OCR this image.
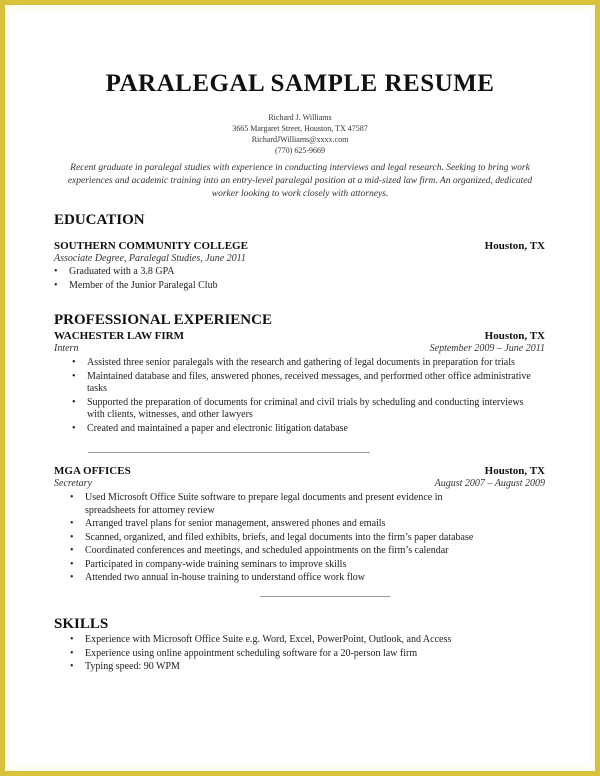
PARALEGAL SAMPLE RESUME
Richard J. Williams
3665 Margaret Street, Houston, TX 47587
RichardJWilliams@xxxx.com
(770) 625-9669
Recent graduate in paralegal studies with experience in conducting interviews and legal research. Seeking to bring work experiences and academic training into an entry-level paralegal position at a mid-sized law firm. An organized, dedicated worker looking to work closely with attorneys.
EDUCATION
SOUTHERN COMMUNITY COLLEGE	Houston, TX
Associate Degree, Paralegal Studies, June 2011
• Graduated with a 3.8 GPA
• Member of the Junior Paralegal Club
PROFESSIONAL EXPERIENCE
WACHESTER LAW FIRM	Houston, TX
Intern	September 2009 – June 2011
• Assisted three senior paralegals with the research and gathering of legal documents in preparation for trials
• Maintained database and files, answered phones, received messages, and performed other office administrative tasks
• Supported the preparation of documents for criminal and civil trials by scheduling and conducting interviews with clients, witnesses, and other lawyers
• Created and maintained a paper and electronic litigation database
MGA OFFICES	Houston, TX
Secretary	August 2007 – August 2009
• Used Microsoft Office Suite software to prepare legal documents and present evidence in spreadsheets for attorney review
• Arranged travel plans for senior management, answered phones and emails
• Scanned, organized, and filed exhibits, briefs, and legal documents into the firm’s paper database
• Coordinated conferences and meetings, and scheduled appointments on the firm’s calendar
• Participated in company-wide training seminars to improve skills
• Attended two annual in-house training to understand office work flow
SKILLS
• Experience with Microsoft Office Suite e.g. Word, Excel, PowerPoint, Outlook, and Access
• Experience using online appointment scheduling software for a 20-person law firm
• Typing speed: 90 WPM
